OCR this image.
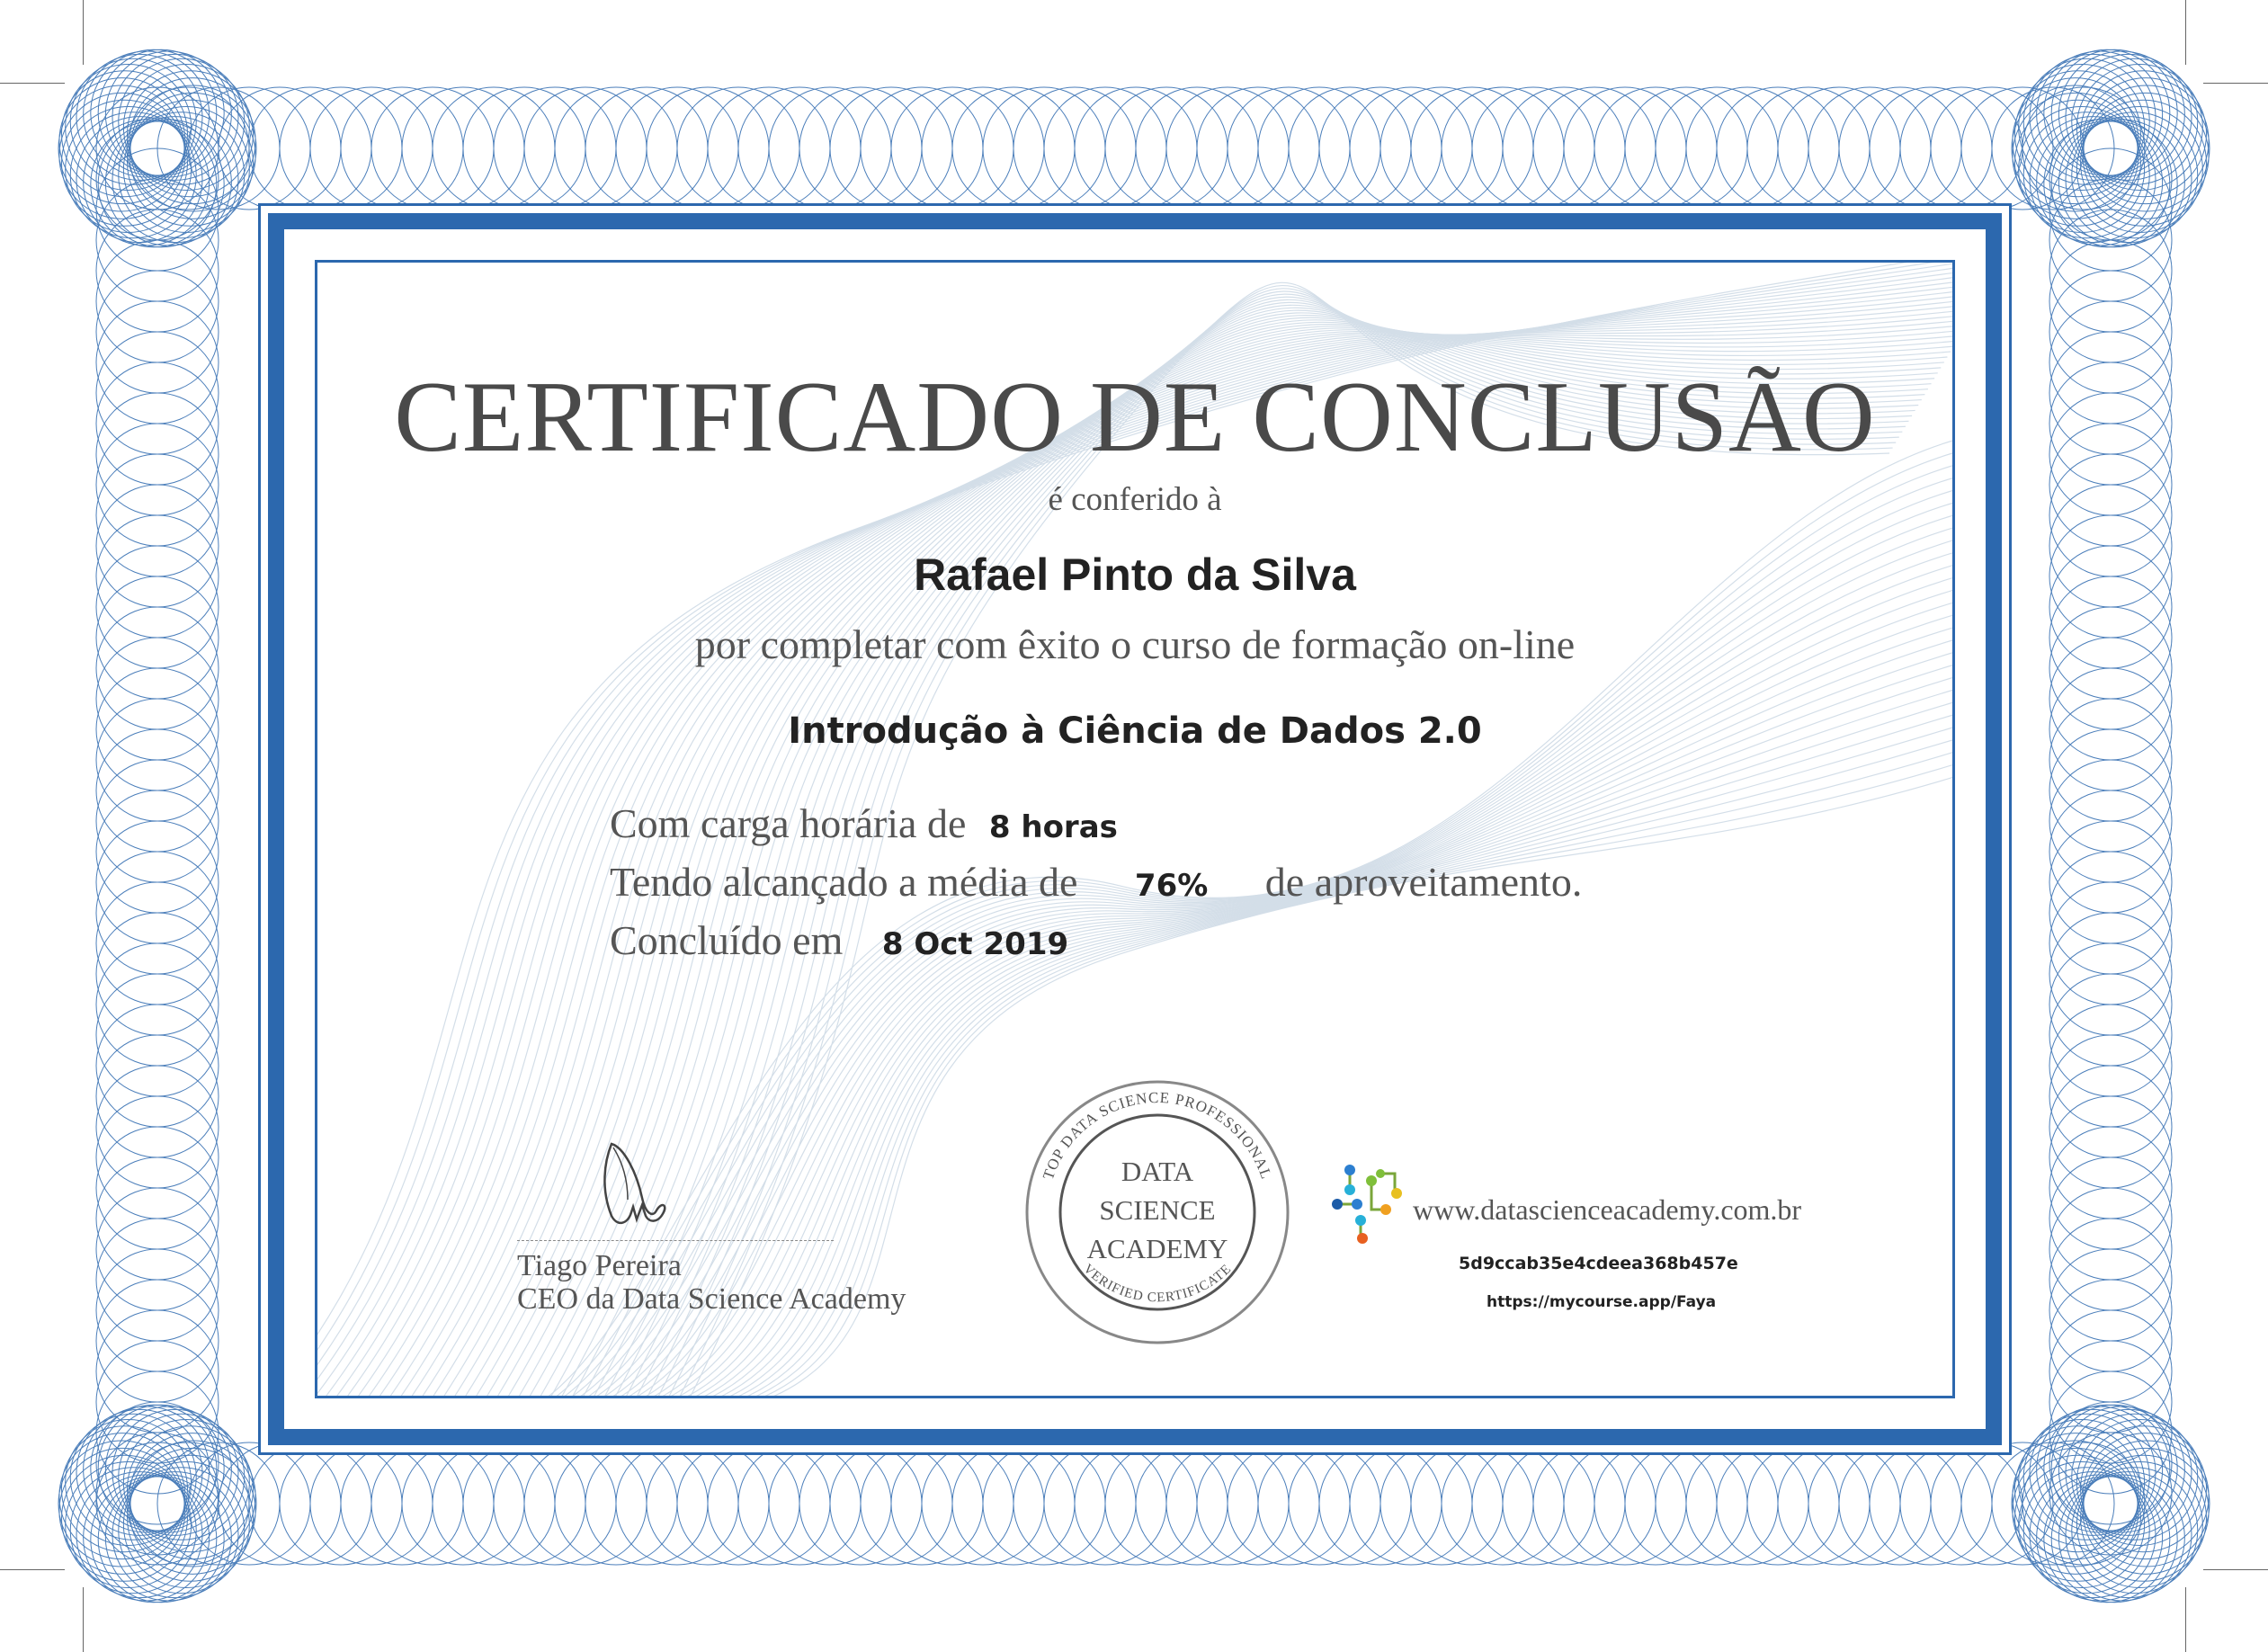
CERTIFICADO DE CONCLUSÃO
é conferido à
Rafael Pinto da Silva
por completar com êxito o curso de formação on-line
Introdução à Ciência de Dados 2.0
Com carga horária de 8 horas
Tendo alcançado a média de 76% de aproveitamento.
Concluído em 8 Oct 2019
Tiago Pereira
CEO da Data Science Academy
TOP DATA SCIENCE PROFESSIONAL
VERIFIED CERTIFICATE
DATA
SCIENCE
ACADEMY
www.datascienceacademy.com.br
5d9ccab35e4cdeea368b457e
https://mycourse.app/Faya
